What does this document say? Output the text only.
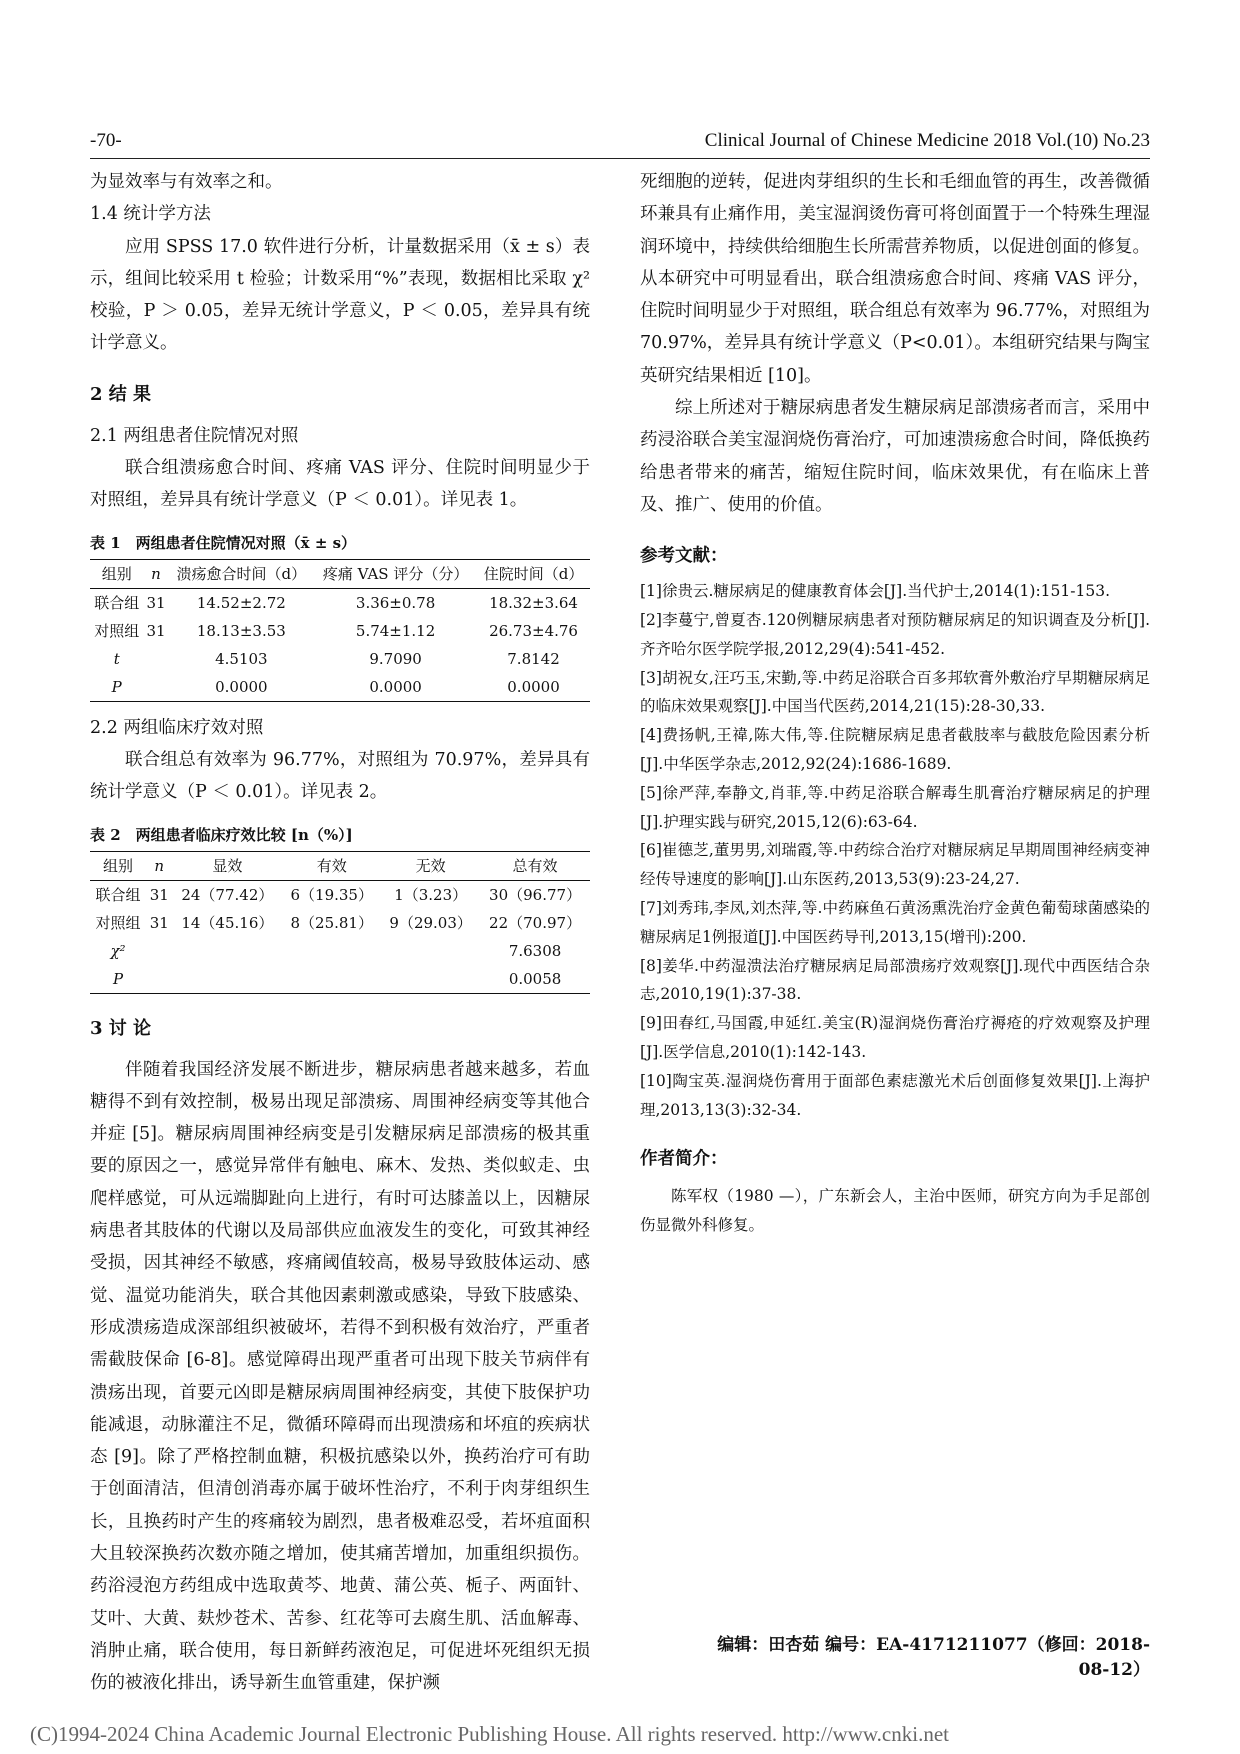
-70-	Clinical Journal of Chinese Medicine 2018 Vol.(10) No.23

为显效率与有效率之和。

1.4 统计学方法

应用 SPSS 17.0 软件进行分析，计量数据采用（x̄ ± s）表示，组间比较采用 t 检验；计数采用“%”表现，数据相比采取 χ² 校验，P ＞ 0.05，差异无统计学意义，P ＜ 0.05，差异具有统计学意义。

2 结 果
2.1 两组患者住院情况对照

联合组溃疡愈合时间、疼痛 VAS 评分、住院时间明显少于对照组，差异具有统计学意义（P ＜ 0.01）。详见表 1。

表 1　两组患者住院情况对照（x̄ ± s）
组别	n	溃疡愈合时间（d）	疼痛 VAS 评分（分）	住院时间（d）
联合组	31	14.52±2.72	3.36±0.78	18.32±3.64
对照组	31	18.13±3.53	5.74±1.12	26.73±4.76
t		4.5103	9.7090	7.8142
P		0.0000	0.0000	0.0000
2.2 两组临床疗效对照

联合组总有效率为 96.77%，对照组为 70.97%，差异具有统计学意义（P ＜ 0.01）。详见表 2。

表 2　两组患者临床疗效比较 [n（%）]
组别	n	显效	有效	无效	总有效
联合组	31	24（77.42）	6（19.35）	1（3.23）	30（96.77）
对照组	31	14（45.16）	8（25.81）	9（29.03）	22（70.97）
χ²					7.6308
P					0.0058
3 讨 论

伴随着我国经济发展不断进步，糖尿病患者越来越多，若血糖得不到有效控制，极易出现足部溃疡、周围神经病变等其他合并症 [5]。糖尿病周围神经病变是引发糖尿病足部溃疡的极其重要的原因之一，感觉异常伴有触电、麻木、发热、类似蚁走、虫爬样感觉，可从远端脚趾向上进行，有时可达膝盖以上，因糖尿病患者其肢体的代谢以及局部供应血液发生的变化，可致其神经受损，因其神经不敏感，疼痛阈值较高，极易导致肢体运动、感觉、温觉功能消失，联合其他因素刺激或感染，导致下肢感染、形成溃疡造成深部组织被破坏，若得不到积极有效治疗，严重者需截肢保命 [6-8]。感觉障碍出现严重者可出现下肢关节病伴有溃疡出现，首要元凶即是糖尿病周围神经病变，其使下肢保护功能减退，动脉灌注不足，微循环障碍而出现溃疡和坏疽的疾病状态 [9]。除了严格控制血糖，积极抗感染以外，换药治疗可有助于创面清洁，但清创消毒亦属于破坏性治疗，不利于肉芽组织生长，且换药时产生的疼痛较为剧烈，患者极难忍受，若坏疽面积大且较深换药次数亦随之增加，使其痛苦增加，加重组织损伤。药浴浸泡方药组成中选取黄芩、地黄、蒲公英、栀子、两面针、艾叶、大黄、麸炒苍术、苦参、红花等可去腐生肌、活血解毒、消肿止痛，联合使用，每日新鲜药液泡足，可促进坏死组织无损伤的被液化排出，诱导新生血管重建，保护濒

死细胞的逆转，促进肉芽组织的生长和毛细血管的再生，改善微循环兼具有止痛作用，美宝湿润烫伤膏可将创面置于一个特殊生理湿润环境中，持续供给细胞生长所需营养物质，以促进创面的修复。从本研究中可明显看出，联合组溃疡愈合时间、疼痛 VAS 评分，住院时间明显少于对照组，联合组总有效率为 96.77%，对照组为 70.97%，差异具有统计学意义（P<0.01）。本组研究结果与陶宝英研究结果相近 [10]。

综上所述对于糖尿病患者发生糖尿病足部溃疡者而言，采用中药浸浴联合美宝湿润烧伤膏治疗，可加速溃疡愈合时间，降低换药给患者带来的痛苦，缩短住院时间，临床效果优，有在临床上普及、推广、使用的价值。

参考文献：

[1]徐贵云.糖尿病足的健康教育体会[J].当代护士,2014(1):151-153.

[2]李蔓宁,曾夏杏.120例糖尿病患者对预防糖尿病足的知识调查及分析[J].齐齐哈尔医学院学报,2012,29(4):541-452.

[3]胡祝女,汪巧玉,宋勤,等.中药足浴联合百多邦软膏外敷治疗早期糖尿病足的临床效果观察[J].中国当代医药,2014,21(15):28-30,33.

[4]费扬帆,王禕,陈大伟,等.住院糖尿病足患者截肢率与截肢危险因素分析[J].中华医学杂志,2012,92(24):1686-1689.

[5]徐严萍,奉静文,肖菲,等.中药足浴联合解毒生肌膏治疗糖尿病足的护理[J].护理实践与研究,2015,12(6):63-64.

[6]崔德芝,董男男,刘瑞霞,等.中药综合治疗对糖尿病足早期周围神经病变神经传导速度的影响[J].山东医药,2013,53(9):23-24,27.

[7]刘秀玮,李凤,刘杰萍,等.中药麻鱼石黄汤熏洗治疗金黄色葡萄球菌感染的糖尿病足1例报道[J].中国医药导刊,2013,15(增刊):200.

[8]姜华.中药湿溃法治疗糖尿病足局部溃疡疗效观察[J].现代中西医结合杂志,2010,19(1):37-38.

[9]田春红,马国霞,申延红.美宝(R)湿润烧伤膏治疗褥疮的疗效观察及护理[J].医学信息,2010(1):142-143.

[10]陶宝英.湿润烧伤膏用于面部色素痣激光术后创面修复效果[J].上海护理,2013,13(3):32-34.

作者简介：

陈军权（1980 —），广东新会人，主治中医师，研究方向为手足部创伤显微外科修复。

编辑：田杏茹 编号：EA-4171211077（修回：2018-08-12）
(C)1994-2024 China Academic Journal Electronic Publishing House. All rights reserved. http://www.cnki.net
